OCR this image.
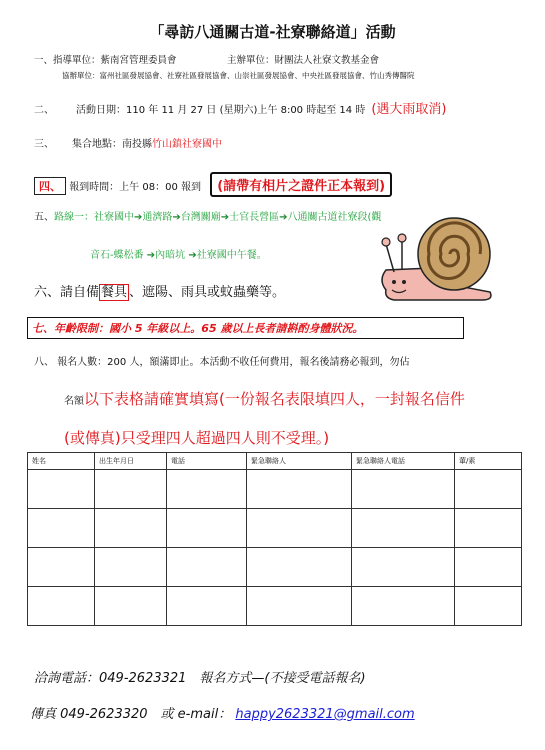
「尋訪八通關古道-社寮聯絡道」活動
一、指導單位：紫南宮管理委員會	主辦單位：財團法人社寮文教基金會
協辦單位：富州社區發展協會、社寮社區發展協會、山崇社區發展協會、中央社區發展協會、竹山秀傳醫院
二、 活動日期：110 年 11 月 27 日 (星期六)上午 8:00 時起至 14 時 (遇大雨取消)
三、 集合地點：南投縣竹山鎮社寮國中
四、 報到時間：上午 08：00 報到 (請帶有相片之證件正本報到)
五、路線一：社寮國中➔通濟路➔台灣關廟➔士官長營區➔八通關古道社寮段(觀
音石-蝶松番 ➔內暗坑 ➔社寮國中午餐。
六、請自備 餐具 、遮陽、雨具或蚊蟲藥等。
七、年齡限制：國小 5 年級以上。65 歲以上長者請斟酌身體狀況。
八、 報名人數：200 人，額滿即止。本活動不收任何費用，報名後請務必報到，勿佔
名額以下表格請確實填寫(一份報名表限填四人，一封報名信件
(或傳真)只受理四人超過四人則不受理。)
姓名	出生年月日	電話	緊急聯絡人	緊急聯絡人電話	葷/素

洽詢電話：049-2623321　報名方式—(不接受電話報名)
傳真 049-2623320　或 e-mail： happy2623321@gmail.com
